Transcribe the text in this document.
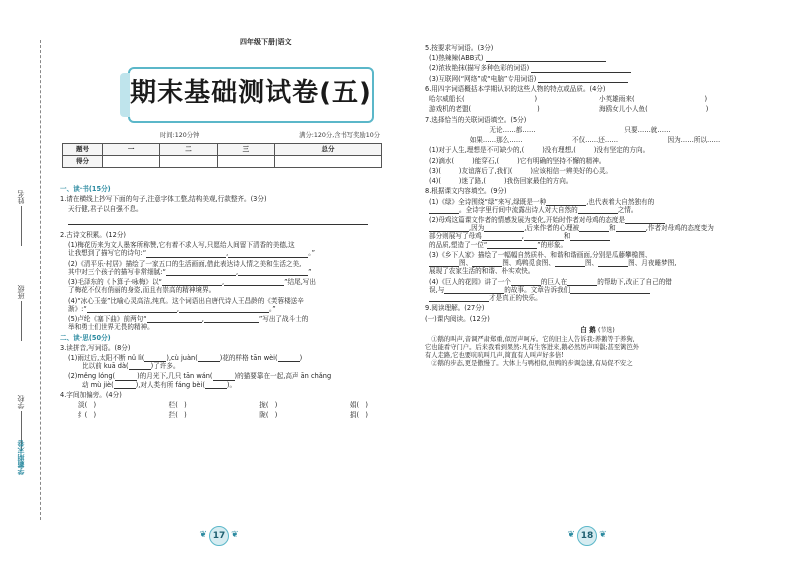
姓名
班级
学校
学霸期末卷
四年级下册|语文
期末基础测试卷(五)
时间:120分钟	满分:120分,含书写奖励10分
题号	一	二	三	总分
得分				
一、读·书(15分)
1.请在横线上抄写下面的句子,注意字体工整,结构美观,行款整齐。(3分)
天行健,君子以自强不息。
2.古诗文积累。(12分)
(1)梅花历来为文人墨客所称赞,它有着不求人写,只愿给人间留下清香的美德,这
让我想到了描写它的诗句:“	,	。”
(2)《清平乐·村居》描绘了一家五口的生活画面,借此表达诗人情之美和生活之美,
其中对三个孩子的描写非常细腻:“	,	”
(3)毛泽东的《卜算子·咏梅》以“	,	”结尾,写出
了梅花不仅有俏丽的身姿,而且有崇高的精神境界。
(4)“冰心玉壶”比喻心灵高洁,纯真。这个词语出自唐代诗人王昌龄的《芙蓉楼送辛
渐》:“	,	。”
(5)卢纶《塞下曲》前两句“	,	”写出了战斗士的
举和勇士们世界无畏的精神。
二、读·思(50分)
3.读拼音,写词语。(8分)
(1)雨过后,太阳不断 nǔ lì(	),cù juàn(	)花的样格 tān wèi(	)
比以前 kuā dà(	)了许多。
(2)měng lóng(	)的月光下,几只 tān wán(	)的猫要靠在一起,高声 ān chǎng
动 mù jiè(	),对人类有所 fáng bèi(	)。
4.字间加偏旁。(4分)
淡(   )	栏(   )	拢(   )	娟(   )
纟(   )	拦(   )	陇(   )	捐(   )
❦ 17 ❦
5.按要求写词语。(3分)
(1)热辣辣(ABB式)
(2)浓妆艳抹(描写多种色彩的词语)
(3)互联网(“网络”或“电脑”专用词语)
6.用四字词语概括本学期认识的这些人物的特点或品质。(4分)
哈尔威船长(	)	小英雄雨来(	)
游戏机的老盟(	)	海鸥女儿小人鱼(	)
7.选择恰当的关联词语填空。(5分)
无论……都……	只要……就……
如果……那么……	不仅……还……	因为……所以……
(1)对于人生,理想是不可缺少的,(	)没有理想,(	)没有坚定的方向。
(2)滴水(	)能穿石,(	)它有明确的坚持不懈的精神。
(3)(	)友谊落后了,我们(	)应该相信一辨美好的心灵。
(4)(	)迷了路,(	)我伤回家最佳的方向。
8.根据课文内容填空。(9分)
(1)《绿》全诗围绕“绿”来写,绿既是一种	,也代表着大自然独有的
。全诗字里行间中流露出诗人对大自然的	之情。
(2)母鸡这篇课文作者的情感发展为变化,开始时作者对母鸡的态度是
,因为	,后来作者的心理被	和	,作者对母鸡的态度变为
部分则展写了母鸡	,	和
的品质,塑造了一位“	”的形象。
(3)《乡下人家》描绘了一幅幅自然质朴、和谐和谐画面,分别是瓜藤攀檐图、
图、	图、鸡鸭觅食图、	图、	图、月夜睡梦图,
展现了农家生活的和谐、朴实欢快。
(4)《巨人的花园》讲了一个	的巨人在	的帮助下,改正了自己的错
误,与	的故事。文章告诉我们
才是真正的快乐。
9.阅读理解。(27分)
(一)课内阅读。(12分)
白 鹅 (节选)
①鹅的叫声,音调严肃郑重,似厉声呵斥。它的旧主人告诉我:养鹅等于养狗,
它也能看守门户。后来我看到果然:凡有生客进来,鹅必然厉声叫嚣;甚至篱笆外
有人走路,它也要吭吭叫几声,简直有人叫声好多倍!
②鹅的步态,更是傲慢了。大体上与鸭相似,但鸭的步调急速,有局促不安之
❦ 18 ❦
